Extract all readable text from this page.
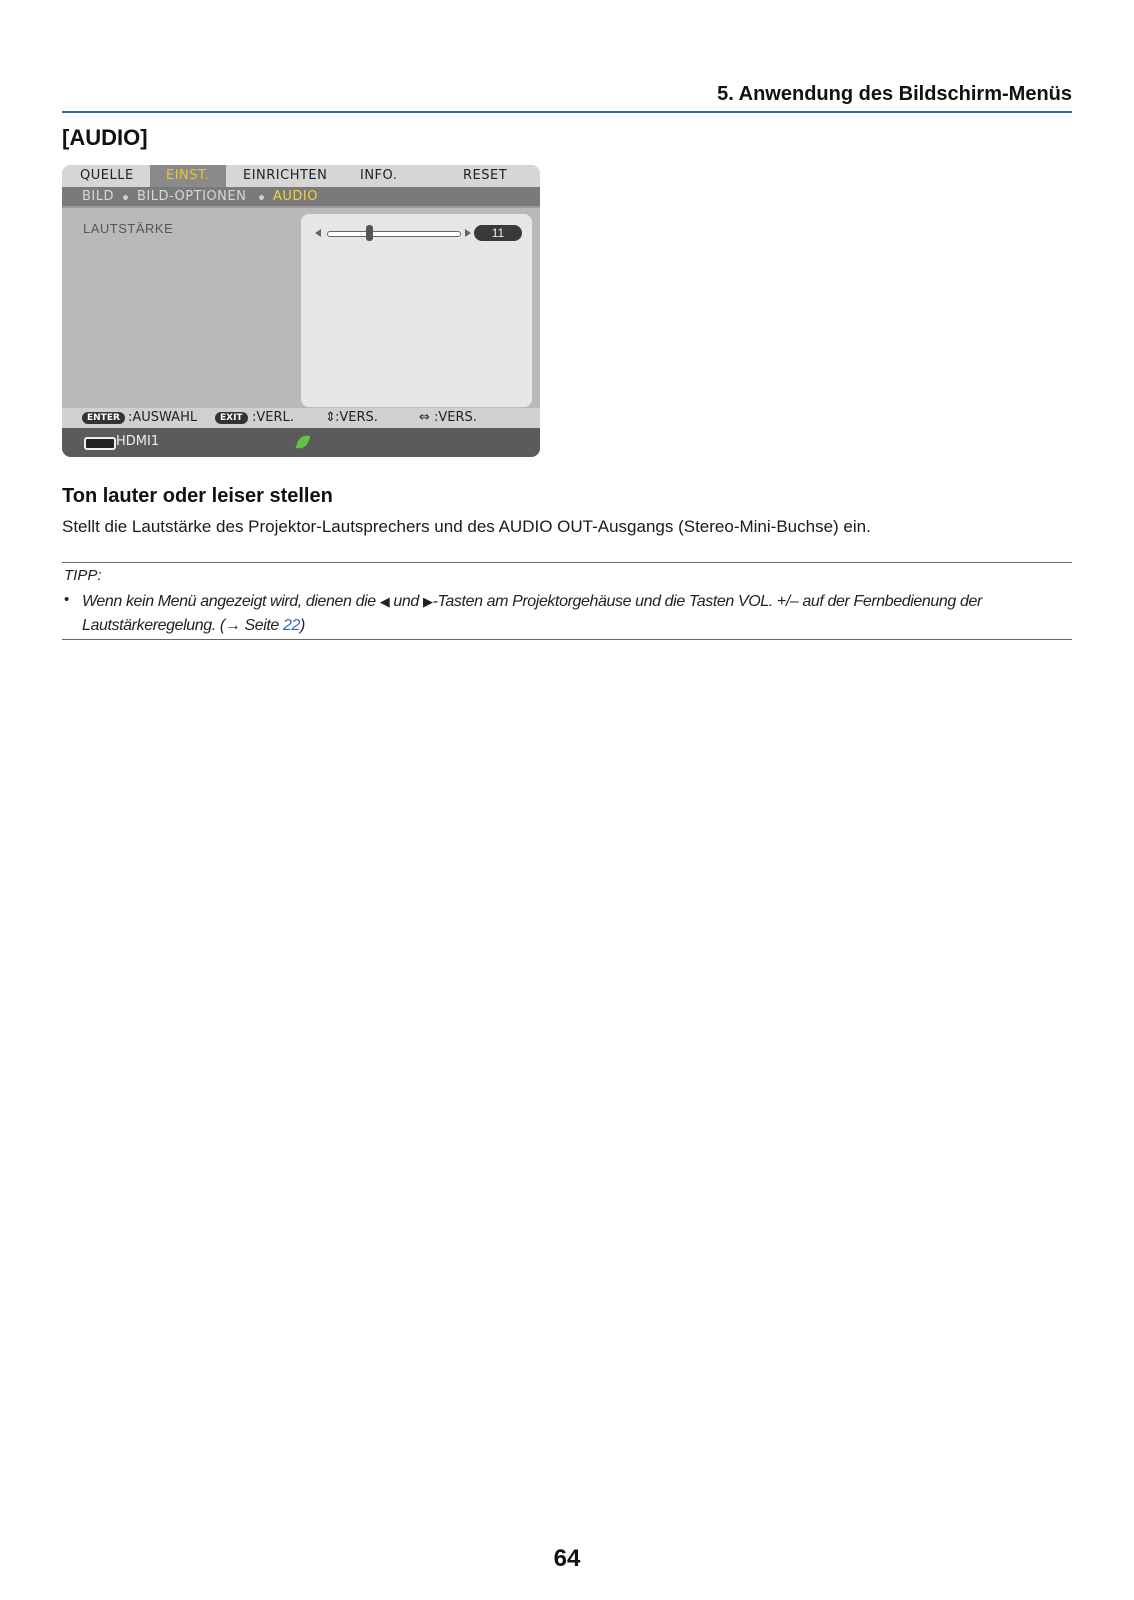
5. Anwendung des Bildschirm-Menüs
[AUDIO]
QUELLE	EINST.	EINRICHTEN	INFO.	RESET
BILD BILD-OPTIONEN AUDIO
ENTER :AUSWAHL	EXIT :VERL. ⇕ :VERS.	⇔ :VERS.
HDMI1
LAUTSTÄRKE	11
Ton lauter oder leiser stellen
Stellt die Lautstärke des Projektor-Lautsprechers und des AUDIO OUT-Ausgangs (Stereo-Mini-Buchse) ein.
TIPP:
• Wenn kein Menü angezeigt wird, dienen die ◀ und ▶-Tasten am Projektorgehäuse und die Tasten VOL. +/– auf der Fernbedienung der
Lautstärkeregelung. (→ Seite 22)
64
